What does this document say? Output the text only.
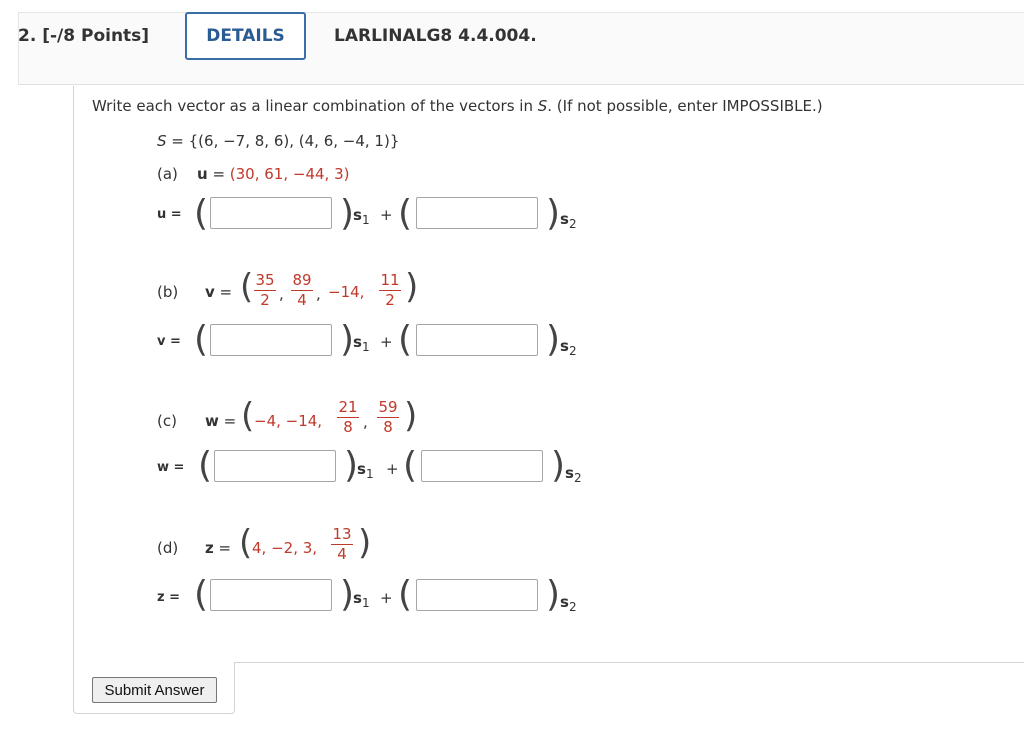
2. [-/8 Points]	DETAILS	LARLINALG8 4.4.004.
Write each vector as a linear combination of the vectors in S. (If not possible, enter IMPOSSIBLE.)
S = {(6, −7, 8, 6), (4, 6, −4, 1)}
(a) u = (30, 61, −44, 3)
u = (	)
$s_1$ + (	) $s_2$
(b) v = ( 35
2 ,
89
4 , −14,
11
2 )
v = (	)
$s_1$ + (	) $s_2$
(c) w = ( −4, −14,
21
8 ,
59
8 )
w = (	)
$s_1$ + (	) $s_2$
(d) z = ( 4, −2, 3,
13
4 )
z = (	)
$s_1$ + (	) $s_2$
Submit Answer
